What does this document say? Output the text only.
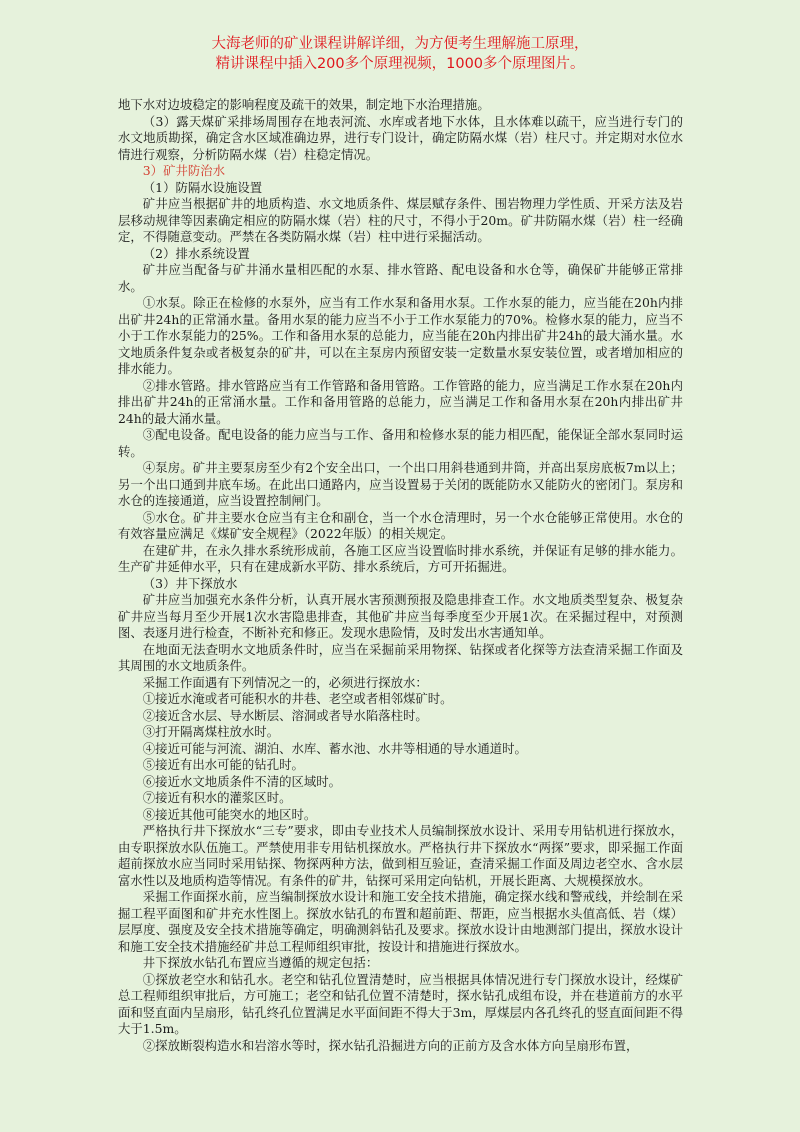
大海老师的矿业课程讲解详细，为方便考生理解施工原理，
精讲课程中插入200多个原理视频，1000多个原理图片。

地下水对边坡稳定的影响程度及疏干的效果，制定地下水治理措施。

（3）露天煤矿采排场周围存在地表河流、水库或者地下水体，且水体难以疏干，应当进行专门的水文地质勘探，确定含水区域准确边界，进行专门设计，确定防隔水煤（岩）柱尺寸。并定期对水位水情进行观察，分析防隔水煤（岩）柱稳定情况。

3）矿井防治水

（1）防隔水设施设置

矿井应当根据矿井的地质构造、水文地质条件、煤层赋存条件、围岩物理力学性质、开采方法及岩层移动规律等因素确定相应的防隔水煤（岩）柱的尺寸，不得小于20m。矿井防隔水煤（岩）柱一经确定，不得随意变动。严禁在各类防隔水煤（岩）柱中进行采掘活动。

（2）排水系统设置

矿井应当配备与矿井涌水量相匹配的水泵、排水管路、配电设备和水仓等，确保矿井能够正常排水。

①水泵。除正在检修的水泵外，应当有工作水泵和备用水泵。工作水泵的能力，应当能在20h内排出矿井24h的正常涌水量。备用水泵的能力应当不小于工作水泵能力的70%。检修水泵的能力，应当不小于工作水泵能力的25%。工作和备用水泵的总能力，应当能在20h内排出矿井24h的最大涌水量。水文地质条件复杂或者极复杂的矿井，可以在主泵房内预留安装一定数量水泵安装位置，或者增加相应的排水能力。

②排水管路。排水管路应当有工作管路和备用管路。工作管路的能力，应当满足工作水泵在20h内排出矿井24h的正常涌水量。工作和备用管路的总能力，应当满足工作和备用水泵在20h内排出矿井24h的最大涌水量。

③配电设备。配电设备的能力应当与工作、备用和检修水泵的能力相匹配，能保证全部水泵同时运转。

④泵房。矿井主要泵房至少有2个安全出口，一个出口用斜巷通到井筒，并高出泵房底板7m以上；另一个出口通到井底车场。在此出口通路内，应当设置易于关闭的既能防水又能防火的密闭门。泵房和水仓的连接通道，应当设置控制闸门。

⑤水仓。矿井主要水仓应当有主仓和副仓，当一个水仓清理时，另一个水仓能够正常使用。水仓的有效容量应满足《煤矿安全规程》（2022年版）的相关规定。

在建矿井，在永久排水系统形成前，各施工区应当设置临时排水系统，并保证有足够的排水能力。生产矿井延伸水平，只有在建成新水平防、排水系统后，方可开拓掘进。

（3）井下探放水

矿井应当加强充水条件分析，认真开展水害预测预报及隐患排查工作。水文地质类型复杂、极复杂矿井应当每月至少开展1次水害隐患排查，其他矿井应当每季度至少开展1次。在采掘过程中，对预测图、表逐月进行检查，不断补充和修正。发现水患险情，及时发出水害通知单。

在地面无法查明水文地质条件时，应当在采掘前采用物探、钻探或者化探等方法查清采掘工作面及其周围的水文地质条件。

采掘工作面遇有下列情况之一的，必须进行探放水：

①接近水淹或者可能积水的井巷、老空或者相邻煤矿时。

②接近含水层、导水断层、溶洞或者导水陷落柱时。

③打开隔离煤柱放水时。

④接近可能与河流、湖泊、水库、蓄水池、水井等相通的导水通道时。

⑤接近有出水可能的钻孔时。

⑥接近水文地质条件不清的区域时。

⑦接近有积水的灌浆区时。

⑧接近其他可能突水的地区时。

严格执行井下探放水“三专”要求，即由专业技术人员编制探放水设计、采用专用钻机进行探放水，由专职探放水队伍施工。严禁使用非专用钻机探放水。严格执行井下探放水“两探”要求，即采掘工作面超前探放水应当同时采用钻探、物探两种方法，做到相互验证，查清采掘工作面及周边老空水、含水层富水性以及地质构造等情况。有条件的矿井，钻探可采用定向钻机，开展长距离、大规模探放水。

采掘工作面探水前，应当编制探放水设计和施工安全技术措施，确定探水线和警戒线，并绘制在采掘工程平面图和矿井充水性图上。探放水钻孔的布置和超前距、帮距，应当根据水头值高低、岩（煤）层厚度、强度及安全技术措施等确定，明确测斜钻孔及要求。探放水设计由地测部门提出，探放水设计和施工安全技术措施经矿井总工程师组织审批，按设计和措施进行探放水。

井下探放水钻孔布置应当遵循的规定包括：

①探放老空水和钻孔水。老空和钻孔位置清楚时，应当根据具体情况进行专门探放水设计，经煤矿总工程师组织审批后，方可施工；老空和钻孔位置不清楚时，探水钻孔成组布设，并在巷道前方的水平面和竖直面内呈扇形，钻孔终孔位置满足水平面间距不得大于3m，厚煤层内各孔终孔的竖直面间距不得大于1.5m。

②探放断裂构造水和岩溶水等时，探水钻孔沿掘进方向的正前方及含水体方向呈扇形布置，
